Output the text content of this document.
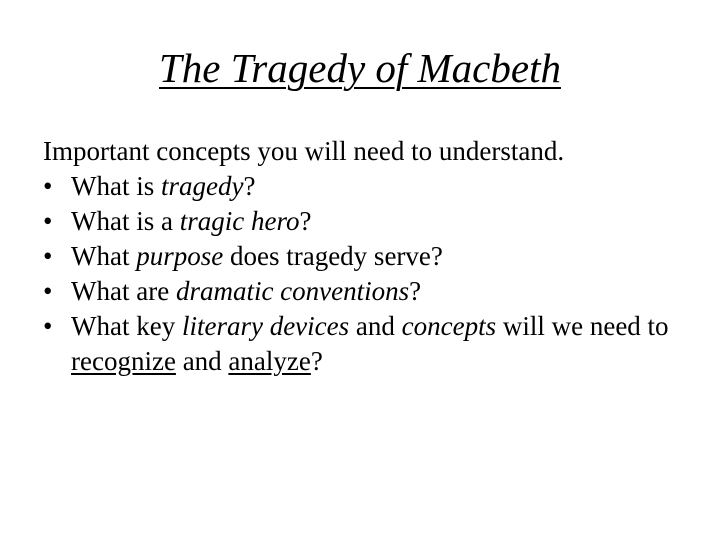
The Tragedy of Macbeth

Important concepts you will need to understand.

• What is tragedy?
• What is a tragic hero?
• What purpose does tragedy serve?
• What are dramatic conventions?
• What key literary devices and concepts will we need to recognize and analyze?
